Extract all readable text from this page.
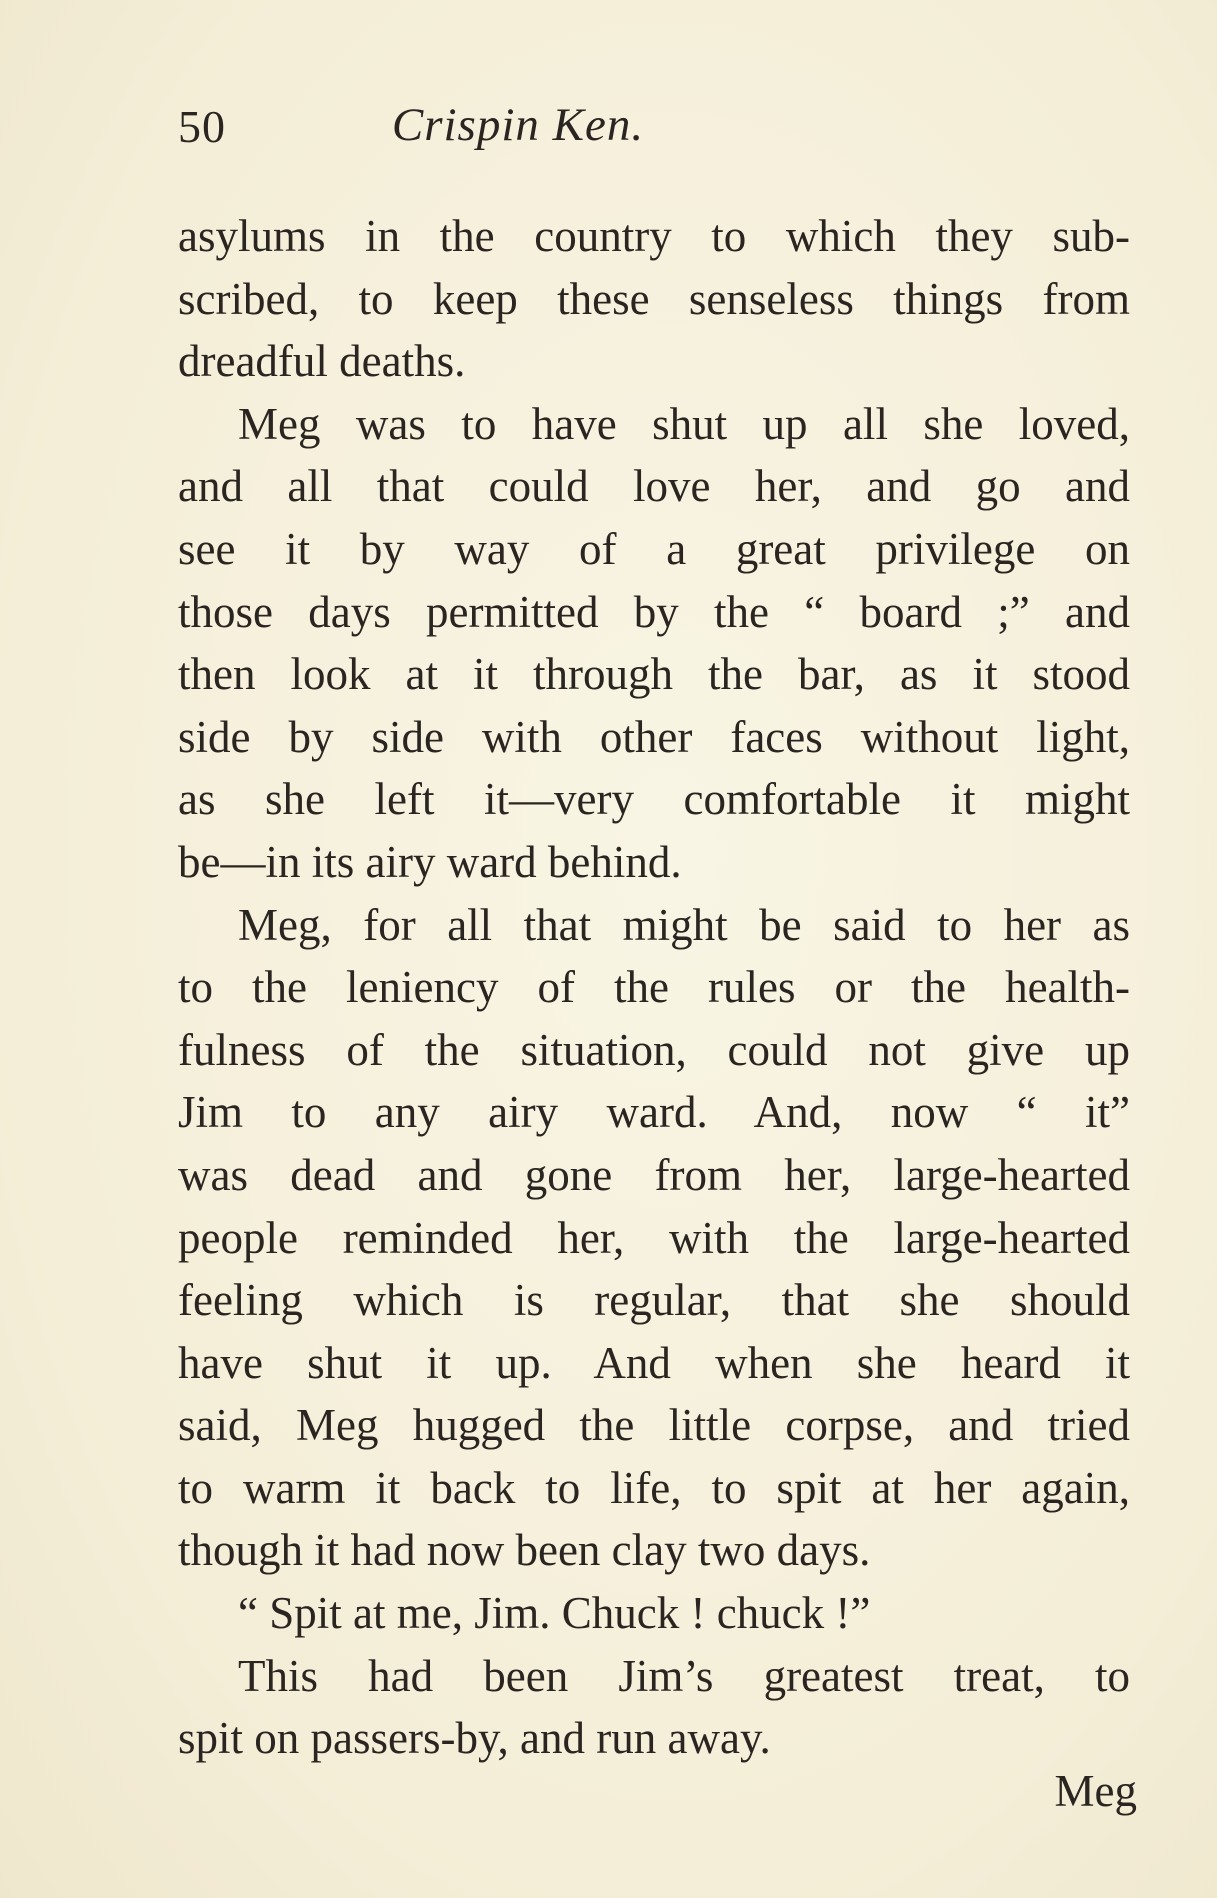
50	Crispin Ken.
asylums in the country to which they sub-
scribed, to keep these senseless things from
dreadful deaths.
Meg was to have shut up all she loved,
and all that could love her, and go and
see it by way of a great privilege on
those days permitted by the “ board ;” and
then look at it through the bar, as it stood
side by side with other faces without light,
as she left it—very comfortable it might
be—in its airy ward behind.
Meg, for all that might be said to her as
to the leniency of the rules or the health-
fulness of the situation, could not give up
Jim to any airy ward. And, now “ it”
was dead and gone from her, large-hearted
people reminded her, with the large-hearted
feeling which is regular, that she should
have shut it up. And when she heard it
said, Meg hugged the little corpse, and tried
to warm it back to life, to spit at her again,
though it had now been clay two days.
“ Spit at me, Jim. Chuck ! chuck !”
This had been Jim’s greatest treat, to
spit on passers-by, and run away.
Meg
